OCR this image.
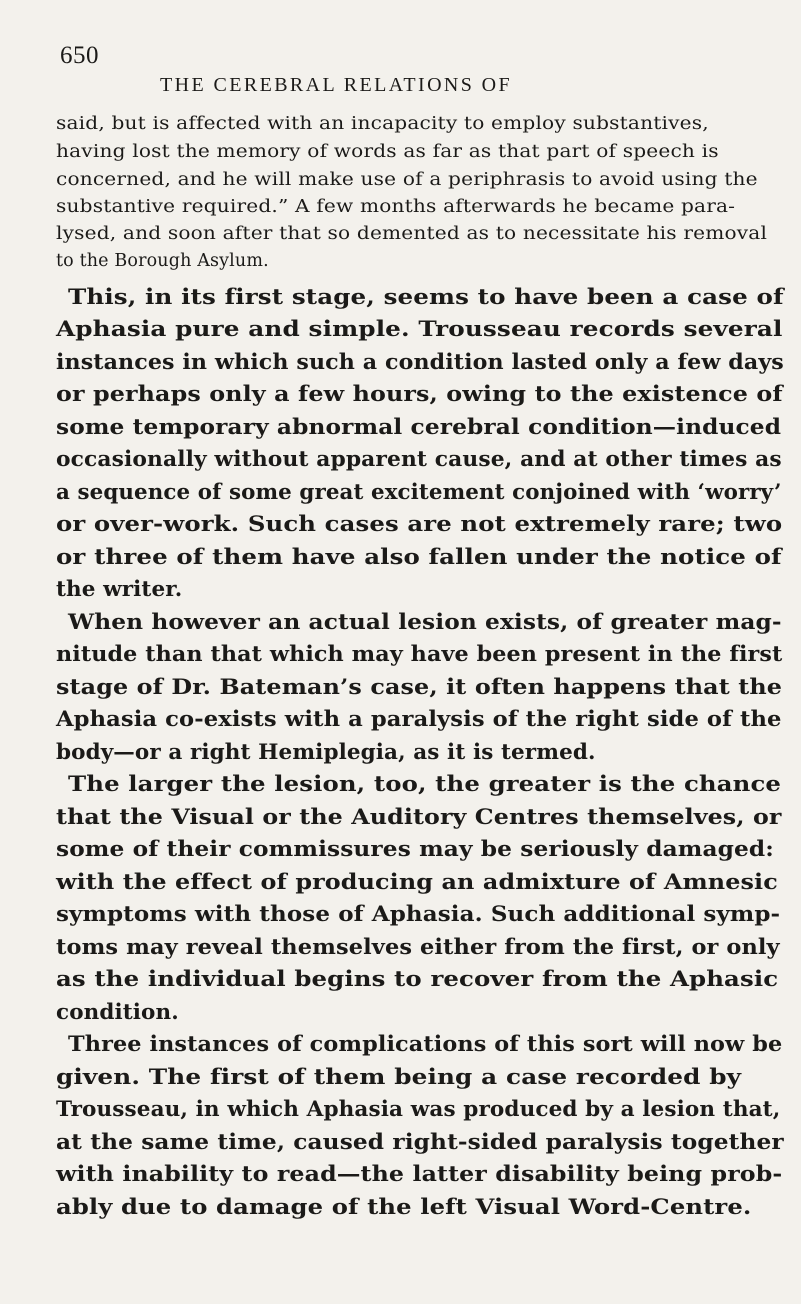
650
THE CEREBRAL RELATIONS OF
said, but is affected with an incapacity to employ substantives,
having lost the memory of words as far as that part of speech is
concerned, and he will make use of a periphrasis to avoid using the
substantive required.” A few months afterwards he became para-
lysed, and soon after that so demented as to necessitate his removal
to the Borough Asylum.
This, in its first stage, seems to have been a case of
Aphasia pure and simple. Trousseau records several
instances in which such a condition lasted only a few days
or perhaps only a few hours, owing to the existence of
some temporary abnormal cerebral condition—induced
occasionally without apparent cause, and at other times as
a sequence of some great excitement conjoined with ‘worry’
or over-work. Such cases are not extremely rare; two
or three of them have also fallen under the notice of
the writer.
When however an actual lesion exists, of greater mag-
nitude than that which may have been present in the first
stage of Dr. Bateman’s case, it often happens that the
Aphasia co-exists with a paralysis of the right side of the
body—or a right Hemiplegia, as it is termed.
The larger the lesion, too, the greater is the chance
that the Visual or the Auditory Centres themselves, or
some of their commissures may be seriously damaged:
with the effect of producing an admixture of Amnesic
symptoms with those of Aphasia. Such additional symp-
toms may reveal themselves either from the first, or only
as the individual begins to recover from the Aphasic
condition.
Three instances of complications of this sort will now be
given. The first of them being a case recorded by
Trousseau, in which Aphasia was produced by a lesion that,
at the same time, caused right-sided paralysis together
with inability to read—the latter disability being prob-
ably due to damage of the left Visual Word-Centre.
